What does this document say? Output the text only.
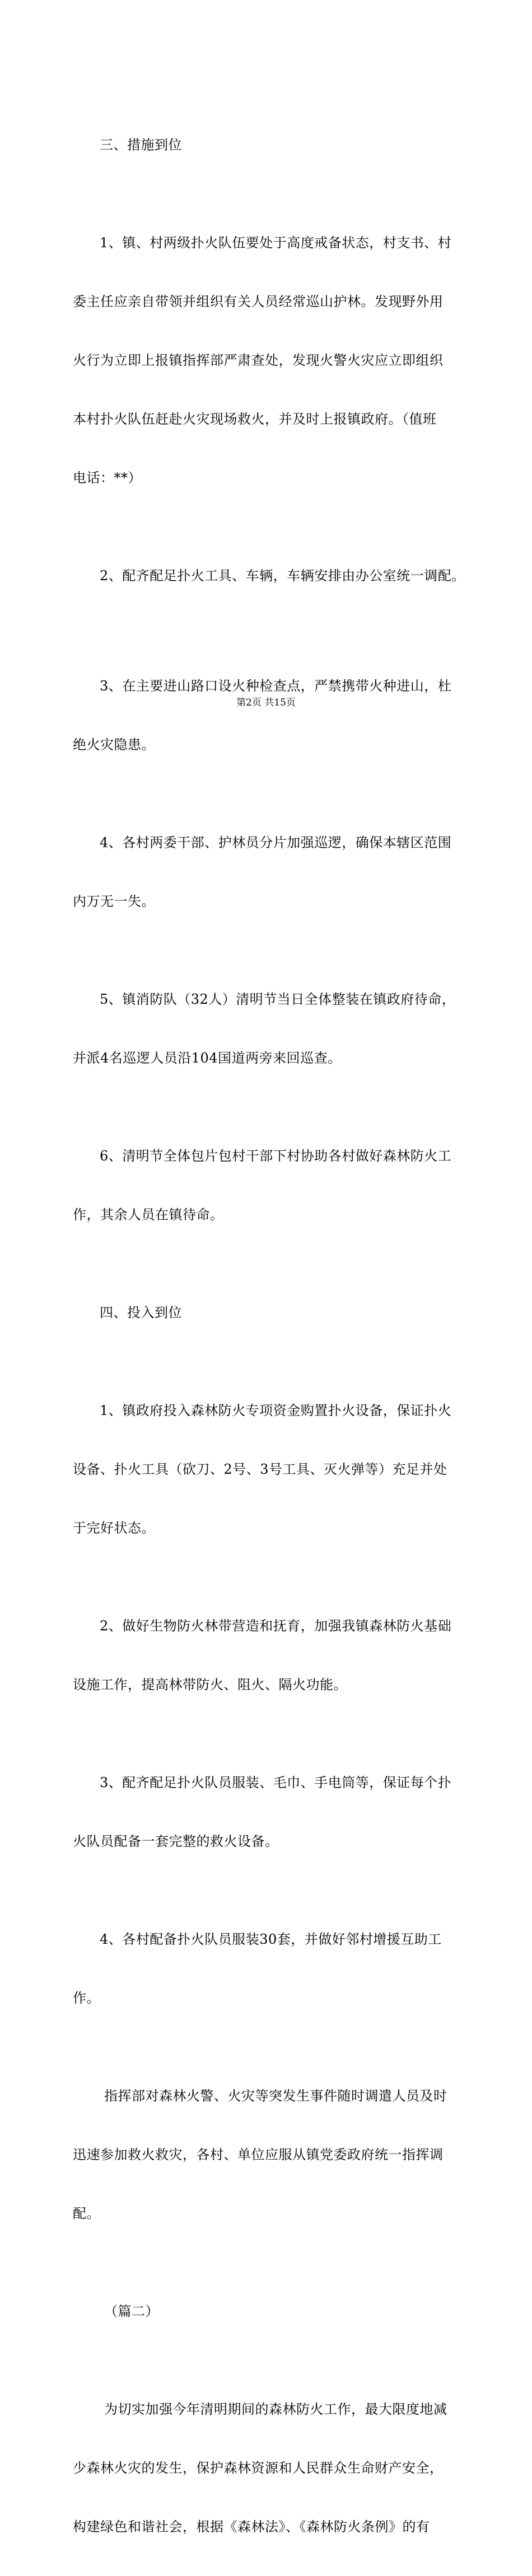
三、措施到位

1、镇、村两级扑火队伍要处于高度戒备状态，村支书、村

委主任应亲自带领并组织有关人员经常巡山护林。发现野外用

火行为立即上报镇指挥部严肃查处，发现火警火灾应立即组织

本村扑火队伍赶赴火灾现场救火，并及时上报镇政府。（值班

电话：**）

2、配齐配足扑火工具、车辆，车辆安排由办公室统一调配。

3、在主要进山路口设火种检查点，严禁携带火种进山，杜

绝火灾隐患。

4、各村两委干部、护林员分片加强巡逻，确保本辖区范围

内万无一失。

5、镇消防队（32人）清明节当日全体整装在镇政府待命，

并派4名巡逻人员沿104国道两旁来回巡查。

6、清明节全体包片包村干部下村协助各村做好森林防火工

作，其余人员在镇待命。

四、投入到位

1、镇政府投入森林防火专项资金购置扑火设备，保证扑火

设备、扑火工具（砍刀、2号、3号工具、灭火弹等）充足并处

于完好状态。

2、做好生物防火林带营造和抚育，加强我镇森林防火基础

设施工作，提高林带防火、阻火、隔火功能。

3、配齐配足扑火队员服装、毛巾、手电筒等，保证每个扑

火队员配备一套完整的救火设备。

4、各村配备扑火队员服装30套，并做好邻村增援互助工

作。

指挥部对森林火警、火灾等突发生事件随时调遣人员及时

迅速参加救火救灾，各村、单位应服从镇党委政府统一指挥调

配。

（篇二）

为切实加强今年清明期间的森林防火工作，最大限度地减

少森林火灾的发生，保护森林资源和人民群众生命财产安全，

构建绿色和谐社会，根据《森林法》、《森林防火条例》的有

第2页 共15页
